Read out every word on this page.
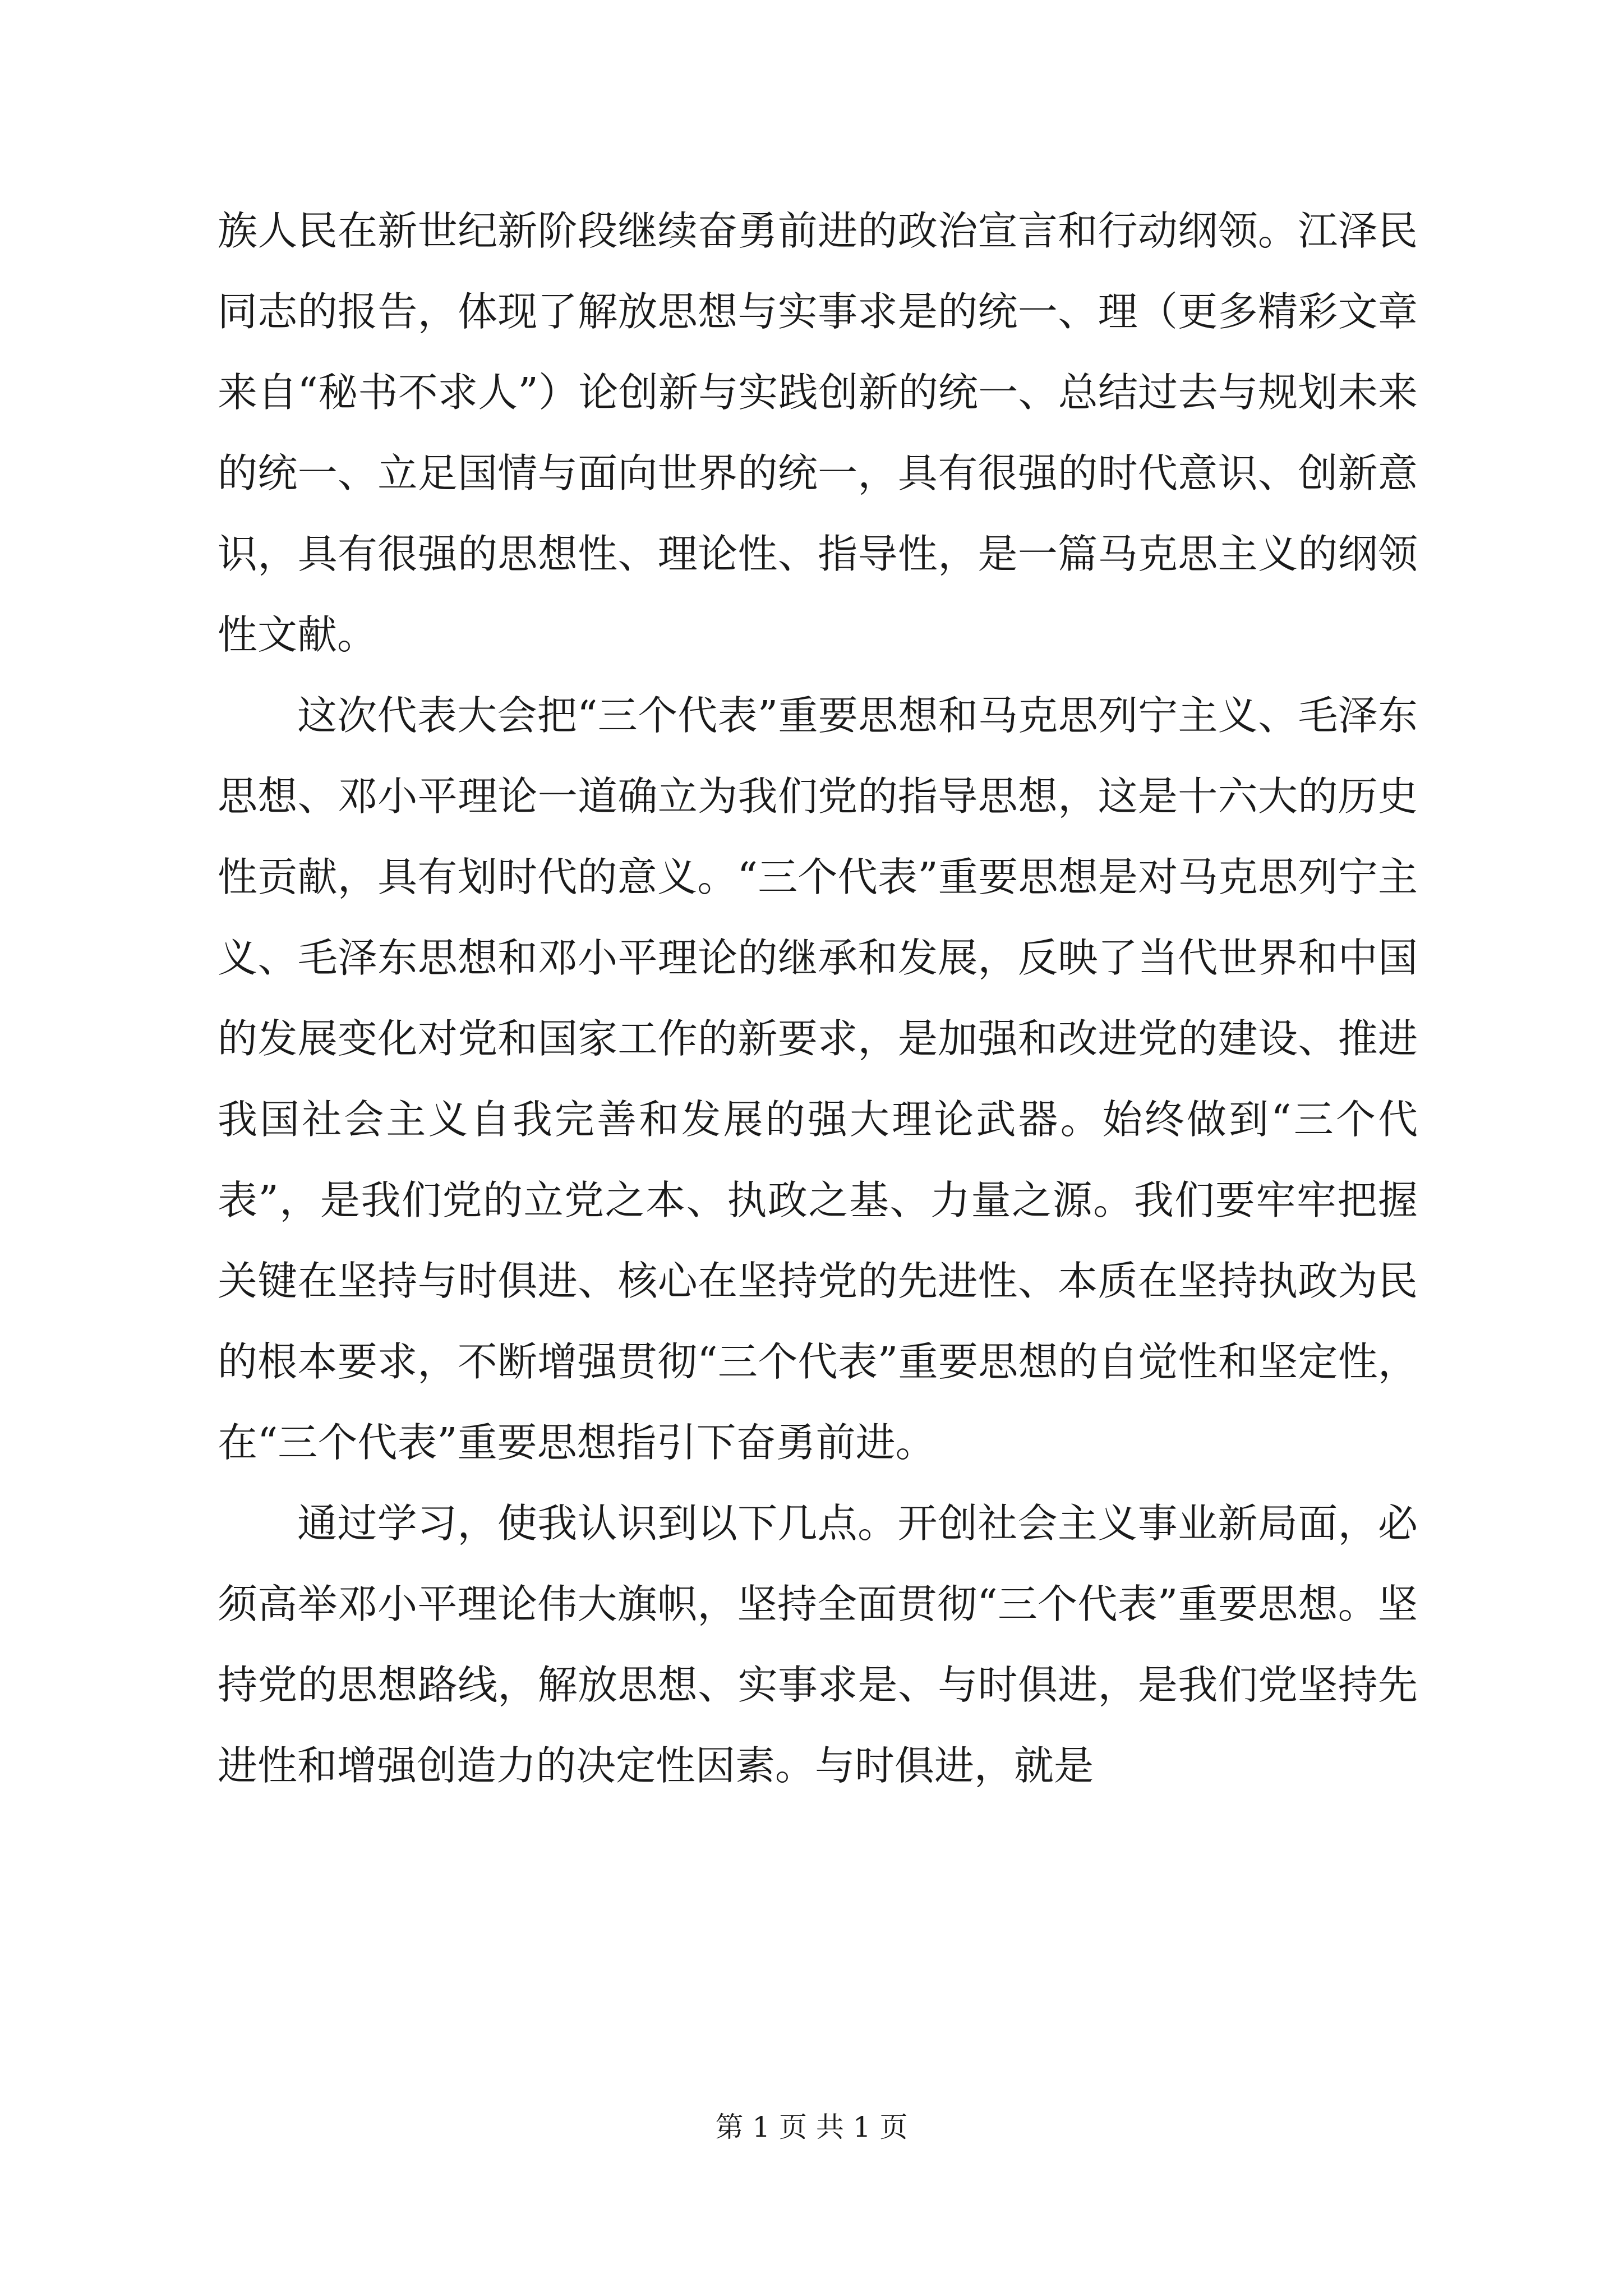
族人民在新世纪新阶段继续奋勇前进的政治宣言和行动纲领。江泽民同志的报告，体现了解放思想与实事求是的统一、理（更多精彩文章来自“秘书不求人”）论创新与实践创新的统一、总结过去与规划未来的统一、立足国情与面向世界的统一，具有很强的时代意识、创新意识，具有很强的思想性、理论性、指导性，是一篇马克思主义的纲领性文献。

这次代表大会把“三个代表”重要思想和马克思列宁主义、毛泽东思想、邓小平理论一道确立为我们党的指导思想，这是十六大的历史性贡献，具有划时代的意义。“三个代表”重要思想是对马克思列宁主义、毛泽东思想和邓小平理论的继承和发展，反映了当代世界和中国的发展变化对党和国家工作的新要求，是加强和改进党的建设、推进我国社会主义自我完善和发展的强大理论武器。始终做到“三个代表”，是我们党的立党之本、执政之基、力量之源。我们要牢牢把握关键在坚持与时俱进、核心在坚持党的先进性、本质在坚持执政为民的根本要求，不断增强贯彻“三个代表”重要思想的自觉性和坚定性，在“三个代表”重要思想指引下奋勇前进。

通过学习，使我认识到以下几点。开创社会主义事业新局面，必须高举邓小平理论伟大旗帜，坚持全面贯彻“三个代表”重要思想。坚持党的思想路线，解放思想、实事求是、与时俱进，是我们党坚持先进性和增强创造力的决定性因素。与时俱进，就是

第 1 页 共 1 页
